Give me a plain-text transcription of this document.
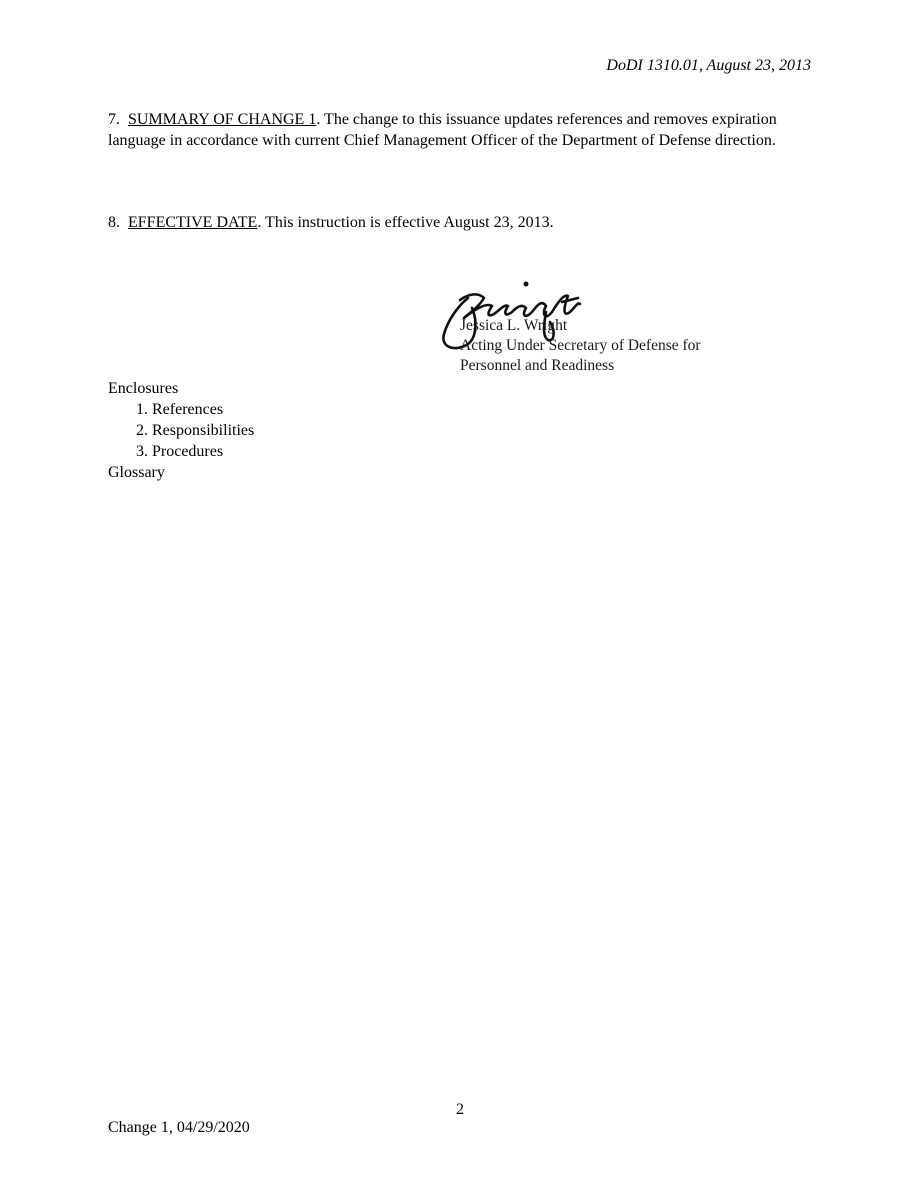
DoDI 1310.01, August 23, 2013
7. SUMMARY OF CHANGE 1. The change to this issuance updates references and removes expiration language in accordance with current Chief Management Officer of the Department of Defense direction.
8. EFFECTIVE DATE. This instruction is effective August 23, 2013.
Jessica L. Wright
Acting Under Secretary of Defense for
Personnel and Readiness
Enclosures
1. References
2. Responsibilities
3. Procedures
Glossary
2
Change 1, 04/29/2020
